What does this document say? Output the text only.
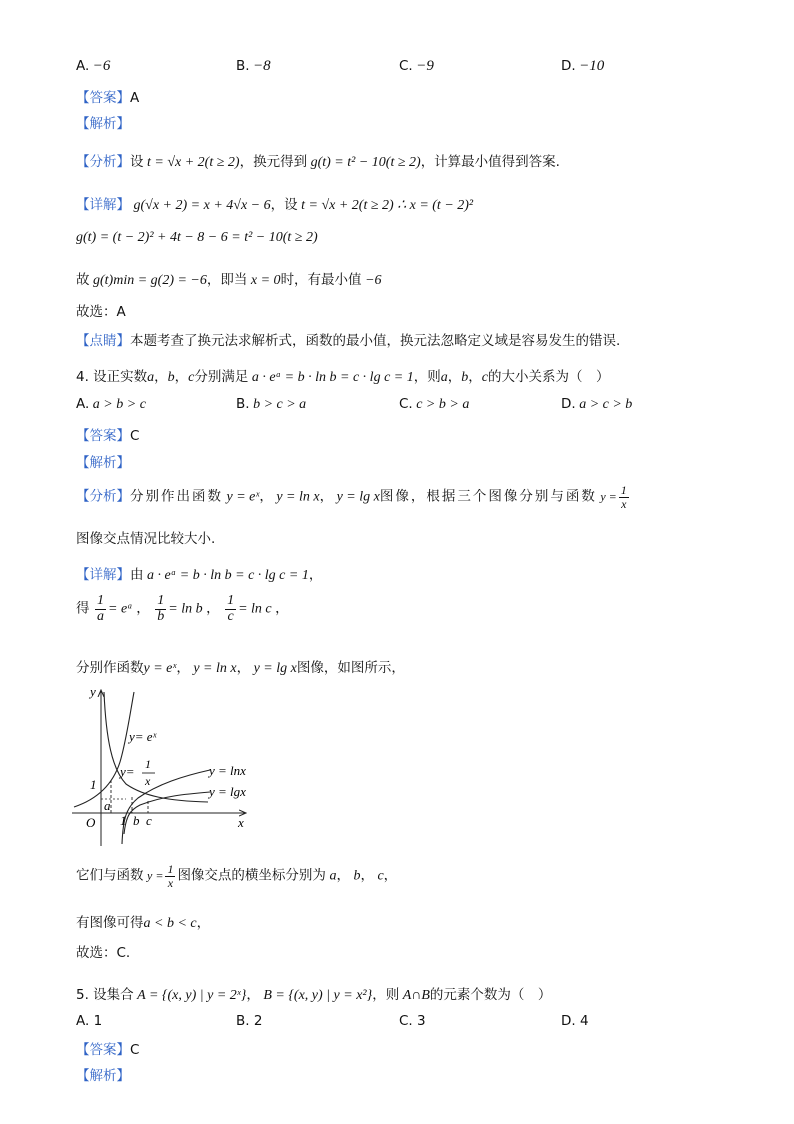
A. −6	B. −8	C. −9	D. −10
【答案】A
【解析】
【分析】设 t = √x + 2(t ≥ 2)，换元得到 g(t) = t² − 10(t ≥ 2)，计算最小值得到答案.
【详解】 g(√x + 2) = x + 4√x − 6，设 t = √x + 2(t ≥ 2) ∴ x = (t − 2)²
g(t) = (t − 2)² + 4t − 8 − 6 = t² − 10(t ≥ 2)
故 g(t)min = g(2) = −6，即当 x = 0时，有最小值 −6
故选：A
【点睛】本题考查了换元法求解析式，函数的最小值，换元法忽略定义域是容易发生的错误.
4. 设正实数a，b，c分别满足 a · eᵃ = b · ln b = c · lg c = 1，则a，b，c的大小关系为（　）
A. a > b > c	B. b > c > a	C. c > b > a	D. a > c > b
【答案】C
【解析】
【分析】分别作出函数 y = eˣ， y = ln x， y = lg x图像，根据三个图像分别与函数 $y = \frac{1}{x}$
图像交点情况比较大小.
【详解】由 a · eᵃ = b · ln b = c · lg c = 1，
得 $\frac{1}{a}$ = eᵃ ， $\frac{1}{b} = \ln b$ ， $\frac{1}{c} = \ln c$ ，
分别作函数y = eˣ， y = ln x， y = lg x图像，如图所示，
y
x
O
1
a
1 b c
y= eˣ
y= 1
x
y = lnx
y = lgx
它们与函数 $y = \frac{1}{x}$ 图像交点的横坐标分别为 a， b， c，
有图像可得a < b < c，
故选：C.
5. 设集合 A = {(x, y) | y = 2ˣ}， B = {(x, y) | y = x²}，则 A∩B的元素个数为（　）
A. 1	B. 2	C. 3	D. 4
【答案】C
【解析】
